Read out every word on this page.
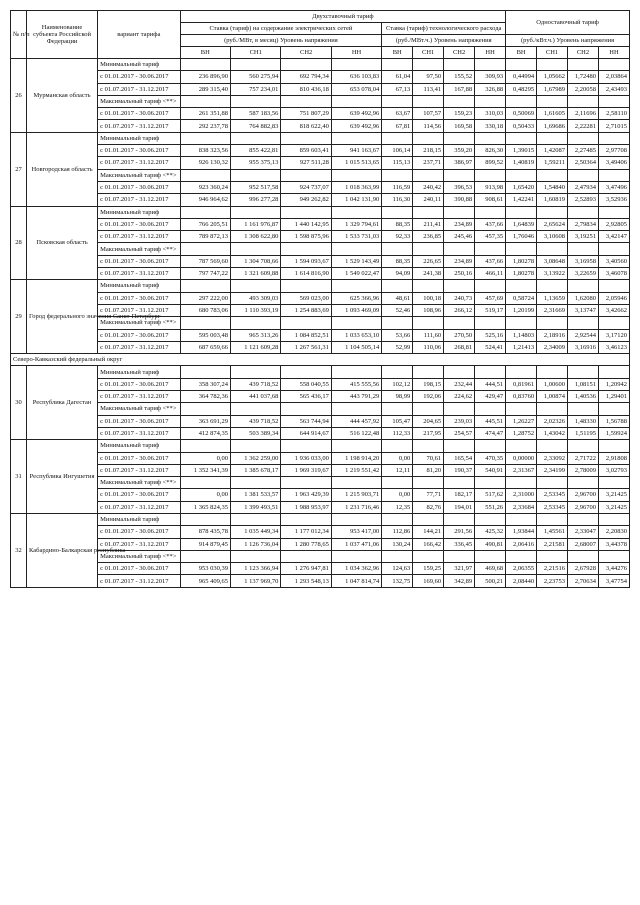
№ п/п	Наименование субъекта Российской Федерации	вариант тарифа	Двухставочный тариф								Одноставочный тариф			
			Ставка (тариф) на содержание электрических сетей				Ставка (тариф) технологического расхода							
			(руб./МВт, в месяц) Уровень напряжения				(руб./МВт.ч.) Уровень напряжения				(руб./кВт.ч.) Уровень напряжения			
			ВН	СН1	СН2	НН	ВН	СН1	СН2	НН	ВН	СН1	СН2	НН
26	Мурманская область	Минимальный тариф												
		с 01.01.2017 - 30.06.2017	236 896,90	560 275,94	692 794,34	636 103,83	61,04	97,50	155,52	309,93	0,44994	1,05662	1,72480	2,03864
		с 01.07.2017 - 31.12.2017	289 315,40	757 234,01	810 436,18	653 078,04	67,13	113,41	167,88	326,88	0,48295	1,67989	2,20058	2,43493
		Максимальный тариф <**>												
		с 01.01.2017 - 30.06.2017	261 351,88	587 183,56	751 807,29	639 492,96	63,67	107,57	159,23	310,03	0,50069	1,61605	2,11696	2,58110
		с 01.07.2017 - 31.12.2017	292 237,78	764 882,83	818 622,40	639 492,96	67,81	114,56	169,58	330,18	0,50433	1,69686	2,22281	2,71015
27	Новгородская область	Минимальный тариф												
		с 01.01.2017 - 30.06.2017	838 323,56	855 422,81	859 603,41	941 163,67	106,14	218,15	359,20	826,30	1,39015	1,42087	2,27485	2,97708
		с 01.07.2017 - 31.12.2017	926 130,32	955 375,13	927 511,28	1 015 513,65	115,13	237,71	386,97	899,52	1,40819	1,59211	2,50364	3,49406
		Максимальный тариф <**>												
		с 01.01.2017 - 30.06.2017	923 360,24	952 517,58	924 737,07	1 018 363,99	116,59	240,42	396,53	913,98	1,65420	1,54840	2,47934	3,47496
		с 01.07.2017 - 31.12.2017	946 964,62	996 277,28	949 262,82	1 042 131,90	116,30	240,11	390,88	908,61	1,42241	1,60819	2,52893	3,52936
28	Псковская область	Минимальный тариф												
		с 01.01.2017 - 30.06.2017	766 205,51	1 161 976,87	1 440 142,95	1 329 794,61	88,35	211,41	234,89	437,66	1,64839	2,65624	2,79834	2,92805
		с 01.07.2017 - 31.12.2017	789 872,13	1 308 622,80	1 598 875,96	1 533 731,03	92,33	236,85	245,46	457,35	1,76046	3,10608	3,19251	3,42147
		Максимальный тариф <**>												
		с 01.01.2017 - 30.06.2017	787 569,60	1 304 708,66	1 594 093,67	1 529 143,49	88,35	226,65	234,89	437,66	1,80278	3,08648	3,16958	3,40560
		с 01.07.2017 - 31.12.2017	797 747,22	1 321 609,88	1 614 816,90	1 549 022,47	94,09	241,38	250,16	466,11	1,80278	3,13922	3,22659	3,46078
29	Город федерального значения Санкт-Петербург	Минимальный тариф												
		с 01.01.2017 - 30.06.2017	297 222,00	493 309,03	569 023,00	625 366,96	48,61	100,18	240,73	457,69	0,58724	1,13659	1,62080	2,05946
		с 01.07.2017 - 31.12.2017	680 783,06	1 110 393,19	1 254 883,69	1 093 469,09	52,46	108,96	266,12	519,17	1,20199	2,31669	3,13747	3,42662
		Максимальный тариф <**>												
		с 01.01.2017 - 30.06.2017	595 003,48	965 313,26	1 084 852,51	1 033 653,10	53,66	111,60	270,50	525,16	1,14803	2,18916	2,92544	3,17120
		с 01.07.2017 - 31.12.2017	687 659,66	1 121 609,28	1 267 561,31	1 104 505,14	52,99	110,06	268,81	524,41	1,21413	2,34009	3,16916	3,46123
Северо-Кавказский федеральный округ														
30	Республика Дагестан	Минимальный тариф												
		с 01.01.2017 - 30.06.2017	358 307,24	439 718,52	558 040,55	415 555,56	102,12	198,15	232,44	444,51	0,81961	1,00600	1,08151	1,20942
		с 01.07.2017 - 31.12.2017	364 782,36	441 037,68	565 436,17	443 791,29	98,99	192,06	224,62	429,47	0,83760	1,00874	1,40536	1,29401
		Максимальный тариф <**>												
		с 01.01.2017 - 30.06.2017	363 691,29	439 718,52	563 744,94	444 457,92	105,47	204,65	239,03	445,51	1,26227	2,02326	1,48330	1,56788
		с 01.07.2017 - 31.12.2017	412 874,35	503 389,34	644 914,67	516 122,48	112,33	217,95	254,57	474,47	1,28752	1,43042	1,51195	1,59924
31	Республика Ингушетия	Минимальный тариф												
		с 01.01.2017 - 30.06.2017	0,00	1 362 259,00	1 936 033,00	1 198 914,20	0,00	70,61	165,54	470,35	0,00000	2,33092	2,71722	2,91808
		с 01.07.2017 - 31.12.2017	1 352 341,39	1 385 678,17	1 969 319,67	1 219 551,42	12,11	81,20	190,37	540,91	2,31367	2,34199	2,78009	3,02793
		Максимальный тариф <**>												
		с 01.01.2017 - 30.06.2017	0,00	1 381 533,57	1 963 429,39	1 215 903,71	0,00	77,71	182,17	517,62	2,31000	2,53345	2,96700	3,21425
		с 01.07.2017 - 31.12.2017	1 365 824,35	1 399 493,51	1 988 953,97	1 231 716,46	12,35	82,76	194,01	551,26	2,33684	2,53345	2,96700	3,21425
32	Кабардино-Балкарская республика	Минимальный тариф												
		с 01.01.2017 - 30.06.2017	878 435,78	1 035 449,34	1 177 012,34	953 417,00	112,86	144,21	291,56	425,32	1,93844	1,45561	2,33047	2,20830
		с 01.07.2017 - 31.12.2017	914 879,45	1 126 736,04	1 280 778,65	1 037 471,06	130,24	166,42	336,45	490,81	2,06416	2,21581	2,68007	3,44378
		Максимальный тариф <**>												
		с 01.01.2017 - 30.06.2017	953 030,39	1 123 366,94	1 276 947,81	1 034 362,96	124,63	159,25	321,97	469,68	2,06355	2,21516	2,67928	3,44276
		с 01.07.2017 - 31.12.2017	965 409,65	1 137 969,70	1 293 548,13	1 047 814,74	132,75	169,60	342,89	500,21	2,08440	2,23753	2,70634	3,47754
